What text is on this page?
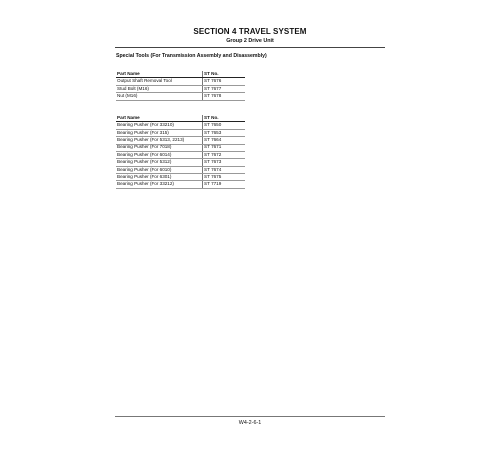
SECTION 4 TRAVEL SYSTEM
Group 2 Drive Unit
Special Tools (For Transmission Assembly and Disassembly)
Part Name	ST No.
Output Shaft Removal Tool	ST 7676
Stud Bolt (M16)	ST 7677
Nut (M16)	ST 7678
Part Name	ST No.
Bearing Pusher (For 33210)	ST 7650
Bearing Pusher (For 315)	ST 7653
Bearing Pusher (For 5313, 2213)	ST 7664
Bearing Pusher (For 7018)	ST 7671
Bearing Pusher (For 6014)	ST 7672
Bearing Pusher (For 5312)	ST 7673
Bearing Pusher (For 6010)	ST 7674
Bearing Pusher (For 6301)	ST 7675
Bearing Pusher (For 33212)	ST 7719
W4-2-6-1
